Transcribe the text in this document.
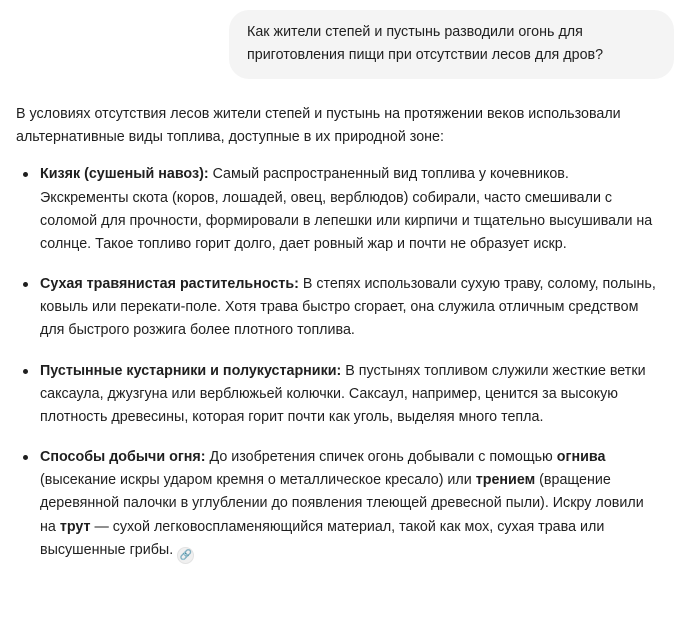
Как жители степей и пустынь разводили огонь для приготовления пищи при отсутствии лесов для дров?

В условиях отсутствия лесов жители степей и пустынь на протяжении веков использовали альтернативные виды топлива, доступные в их природной зоне:

Кизяк (сушеный навоз): Самый распространенный вид топлива у кочевников. Экскременты скота (коров, лошадей, овец, верблюдов) собирали, часто смешивали с соломой для прочности, формировали в лепешки или кирпичи и тщательно высушивали на солнце. Такое топливо горит долго, дает ровный жар и почти не образует искр.
Сухая травянистая растительность: В степях использовали сухую траву, солому, полынь, ковыль или перекати-поле. Хотя трава быстро сгорает, она служила отличным средством для быстрого розжига более плотного топлива.
Пустынные кустарники и полукустарники: В пустынях топливом служили жесткие ветки саксаула, джузгуна или верблюжьей колючки. Саксаул, например, ценится за высокую плотность древесины, которая горит почти как уголь, выделяя много тепла.
Способы добычи огня: До изобретения спичек огонь добывали с помощью огнива (высекание искры ударом кремня о металлическое кресало) или трением (вращение деревянной палочки в углублении до появления тлеющей древесной пыли). Искру ловили на трут — сухой легковоспламеняющийся материал, такой как мох, сухая трава или высушенные грибы. 🔗
